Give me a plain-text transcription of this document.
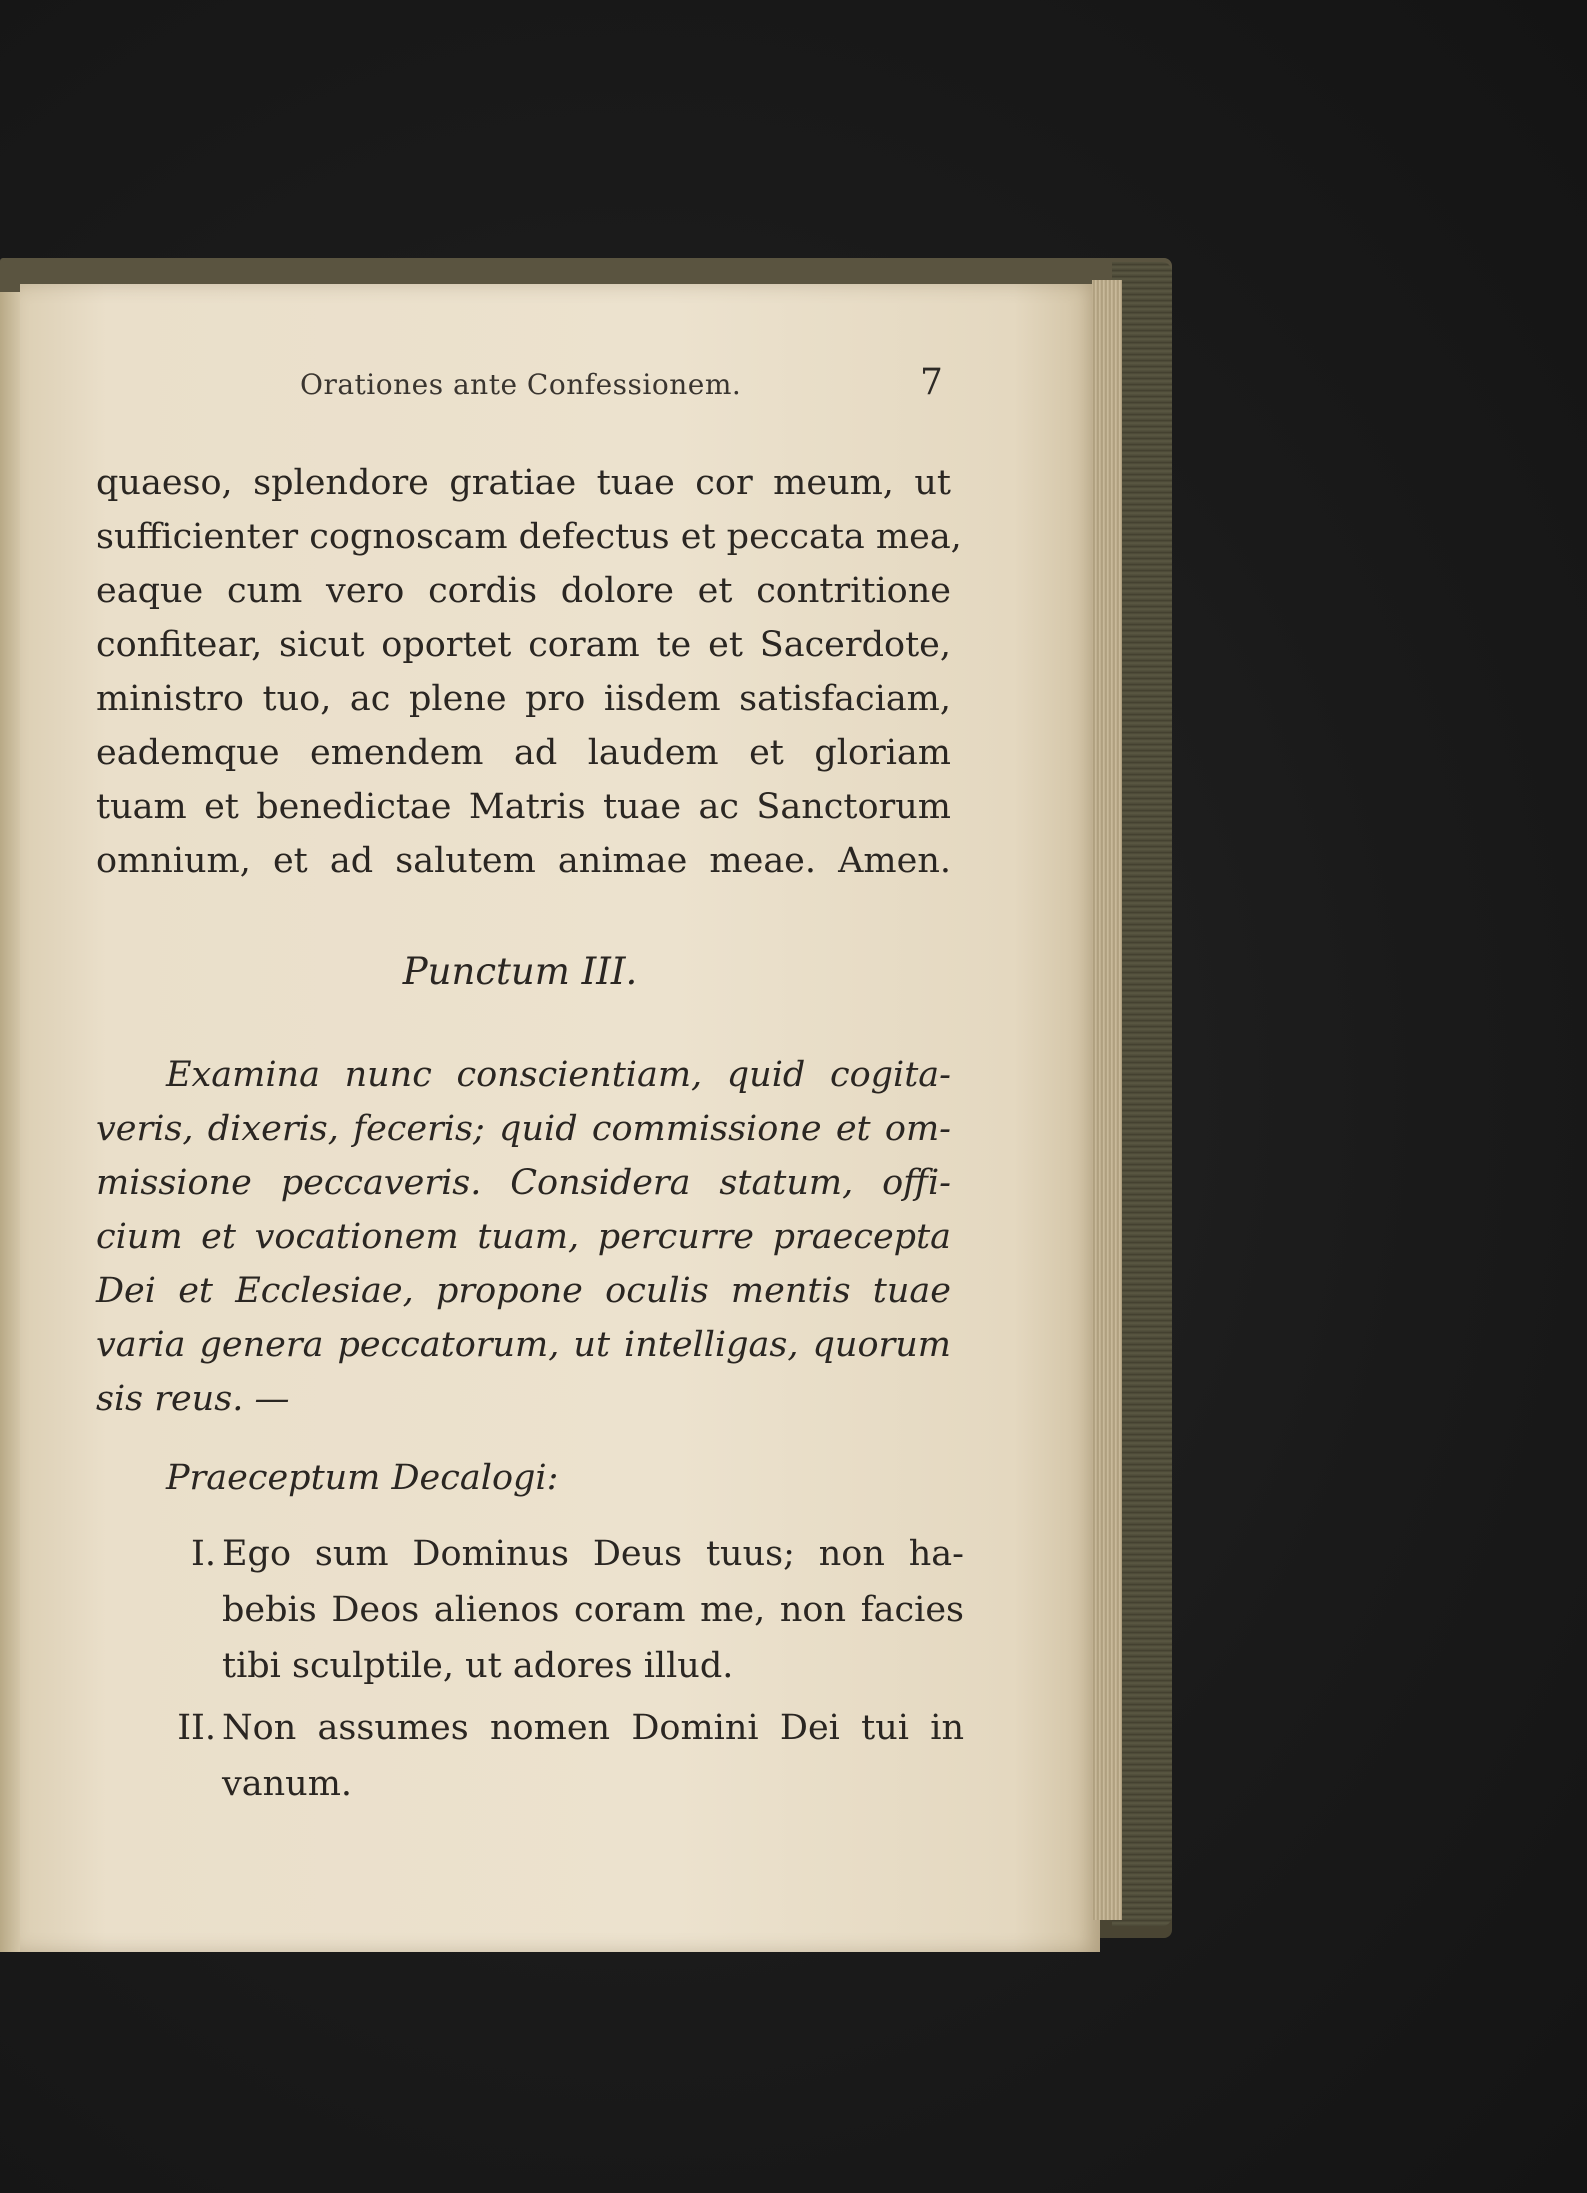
Orationes ante Confessionem.	7
quaeso, splendore gratiae tuae cor meum, ut
sufficienter cognoscam defectus et peccata mea,
eaque cum vero cordis dolore et contritione
confitear, sicut oportet coram te et Sacerdote,
ministro tuo, ac plene pro iisdem satisfaciam,
eademque emendem ad laudem et gloriam
tuam et benedictae Matris tuae ac Sanctorum
omnium, et ad salutem animae meae. Amen.
Punctum III.
Examina nunc conscientiam, quid cogita-
veris, dixeris, feceris; quid commissione et om-
missione peccaveris. Considera statum, offi-
cium et vocationem tuam, percurre praecepta
Dei et Ecclesiae, propone oculis mentis tuae
varia genera peccatorum, ut intelligas, quorum
sis reus. —
Praeceptum Decalogi:
I. Ego sum Dominus Deus tuus; non ha-
bebis Deos alienos coram me, non facies
tibi sculptile, ut adores illud.
II. Non assumes nomen Domini Dei tui in
vanum.
